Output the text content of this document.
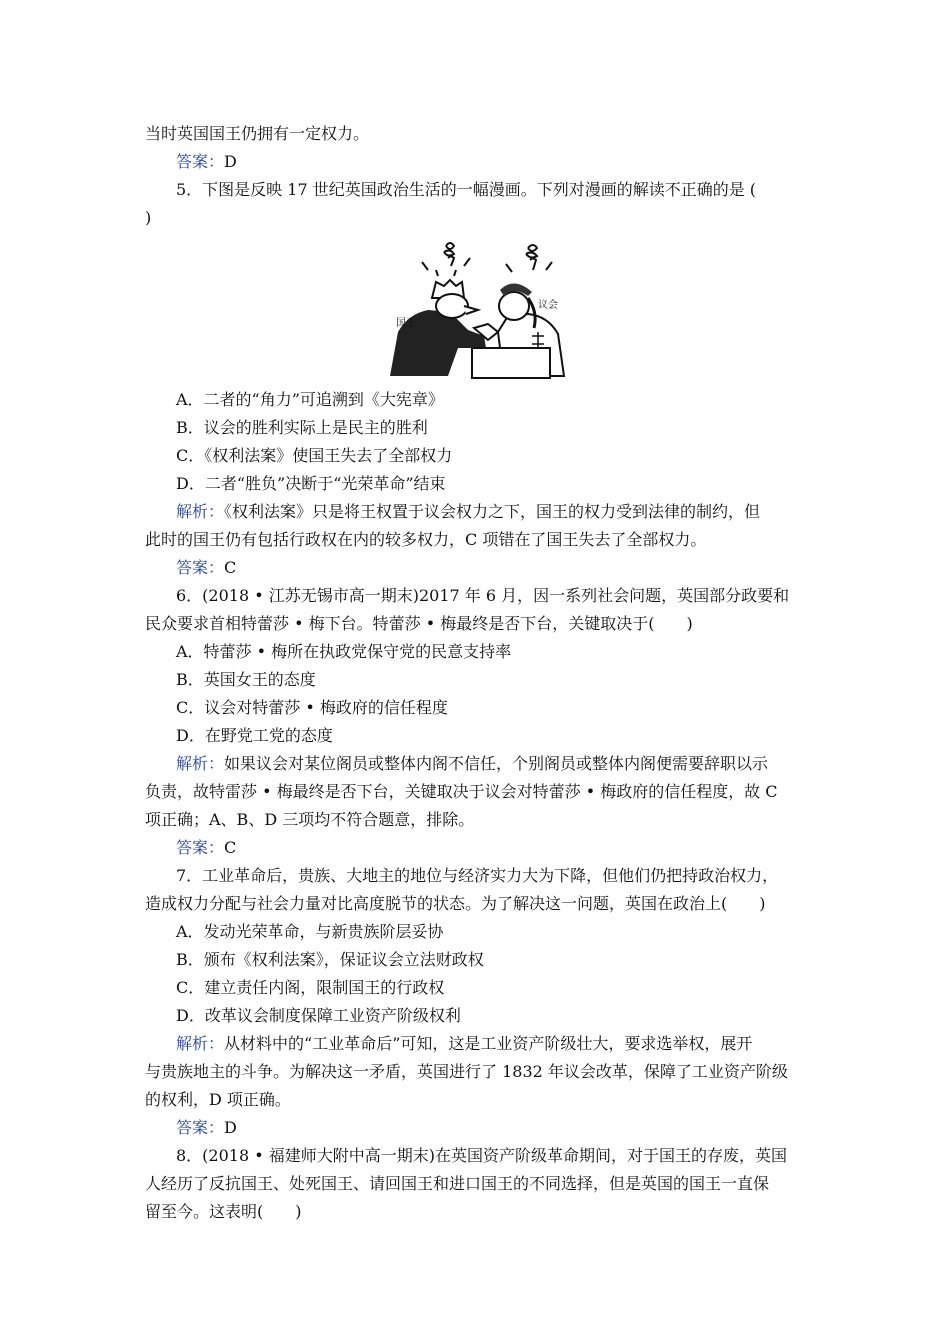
当时英国国王仍拥有一定权力。
答案：D
5．下图是反映 17 世纪英国政治生活的一幅漫画。下列对漫画的解读不正确的是 (
)
国王
议会
A．二者的“角力”可追溯到《大宪章》
B．议会的胜利实际上是民主的胜利
C．《权利法案》使国王失去了全部权力
D．二者“胜负”决断于“光荣革命”结束
解析：《权利法案》只是将王权置于议会权力之下，国王的权力受到法律的制约，但
此时的国王仍有包括行政权在内的较多权力，C 项错在了国王失去了全部权力。
答案：C
6．(2018 • 江苏无锡市高一期末)2017 年 6 月，因一系列社会问题，英国部分政要和
民众要求首相特蕾莎 • 梅下台。特蕾莎 • 梅最终是否下台，关键取决于(　　)
A．特蕾莎 • 梅所在执政党保守党的民意支持率
B．英国女王的态度
C．议会对特蕾莎 • 梅政府的信任程度
D．在野党工党的态度
解析：如果议会对某位阁员或整体内阁不信任，个别阁员或整体内阁便需要辞职以示
负责，故特雷莎 • 梅最终是否下台，关键取决于议会对特蕾莎 • 梅政府的信任程度，故 C
项正确；A、B、D 三项均不符合题意，排除。
答案：C
7．工业革命后，贵族、大地主的地位与经济实力大为下降，但他们仍把持政治权力，
造成权力分配与社会力量对比高度脱节的状态。为了解决这一问题，英国在政治上(　　)
A．发动光荣革命，与新贵族阶层妥协
B．颁布《权利法案》，保证议会立法财政权
C．建立责任内阁，限制国王的行政权
D．改革议会制度保障工业资产阶级权利
解析：从材料中的“工业革命后”可知，这是工业资产阶级壮大，要求选举权，展开
与贵族地主的斗争。为解决这一矛盾，英国进行了 1832 年议会改革，保障了工业资产阶级
的权利，D 项正确。
答案：D
8．(2018 • 福建师大附中高一期末)在英国资产阶级革命期间，对于国王的存废，英国
人经历了反抗国王、处死国王、请回国王和进口国王的不同选择，但是英国的国王一直保
留至今。这表明(　　)
